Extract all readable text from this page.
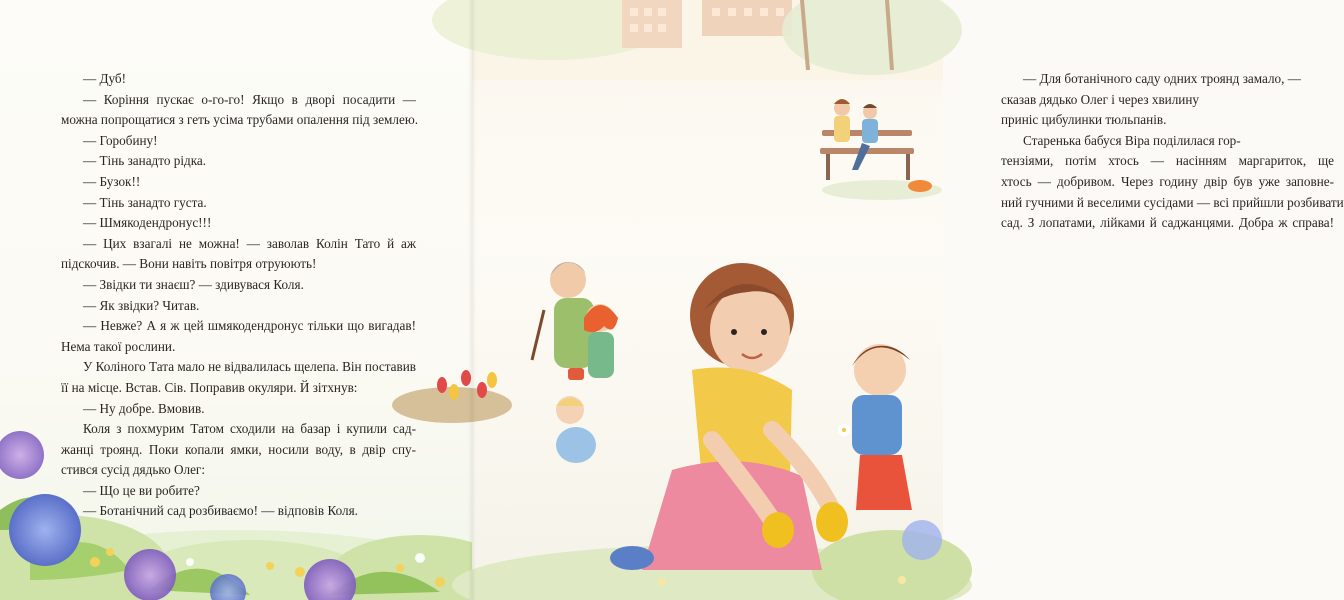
— Дуб!
— Коріння пускає о-го-го! Якщо в дворі посадити —
можна попрощатися з геть усіма трубами опалення під землею.
— Горобину!
— Тінь занадто рідка.
— Бузок!!
— Тінь занадто густа.
— Шмякодендронус!!!
— Цих взагалі не можна! — заволав Колін Тато й аж
підскочив. — Вони навіть повітря отруюють!
— Звідки ти знаєш? — здивувася Коля.
— Як звідки? Читав.
— Невже? А я ж цей шмякодендронус тільки що вигадав!
Нема такої рослини.
У Коліного Тата мало не відвалилась щелепа. Він поставив
її на місце. Встав. Сів. Поправив окуляри. Й зітхнув:
— Ну добре. Вмовив.
Коля з похмурим Татом сходили на базар і купили сад-
жанці троянд. Поки копали ямки, носили воду, в двір спу-
стився сусід дядько Олег:
— Що це ви робите?
— Ботанічний сад розбиваємо! — відповів Коля.
— Для ботанічного саду одних троянд замало, —
сказав дядько Олег і через хвилину
приніс цибулинки тюльпанів.
Старенька бабуся Віра поділилася гор-
тензіями, потім хтось — насінням маргариток, ще
хтось — добривом. Через годину двір був уже заповне-
ний гучними й веселими сусідами — всі прийшли розбивати
сад. З лопатами, лійками й саджанцями. Добра ж справа!
